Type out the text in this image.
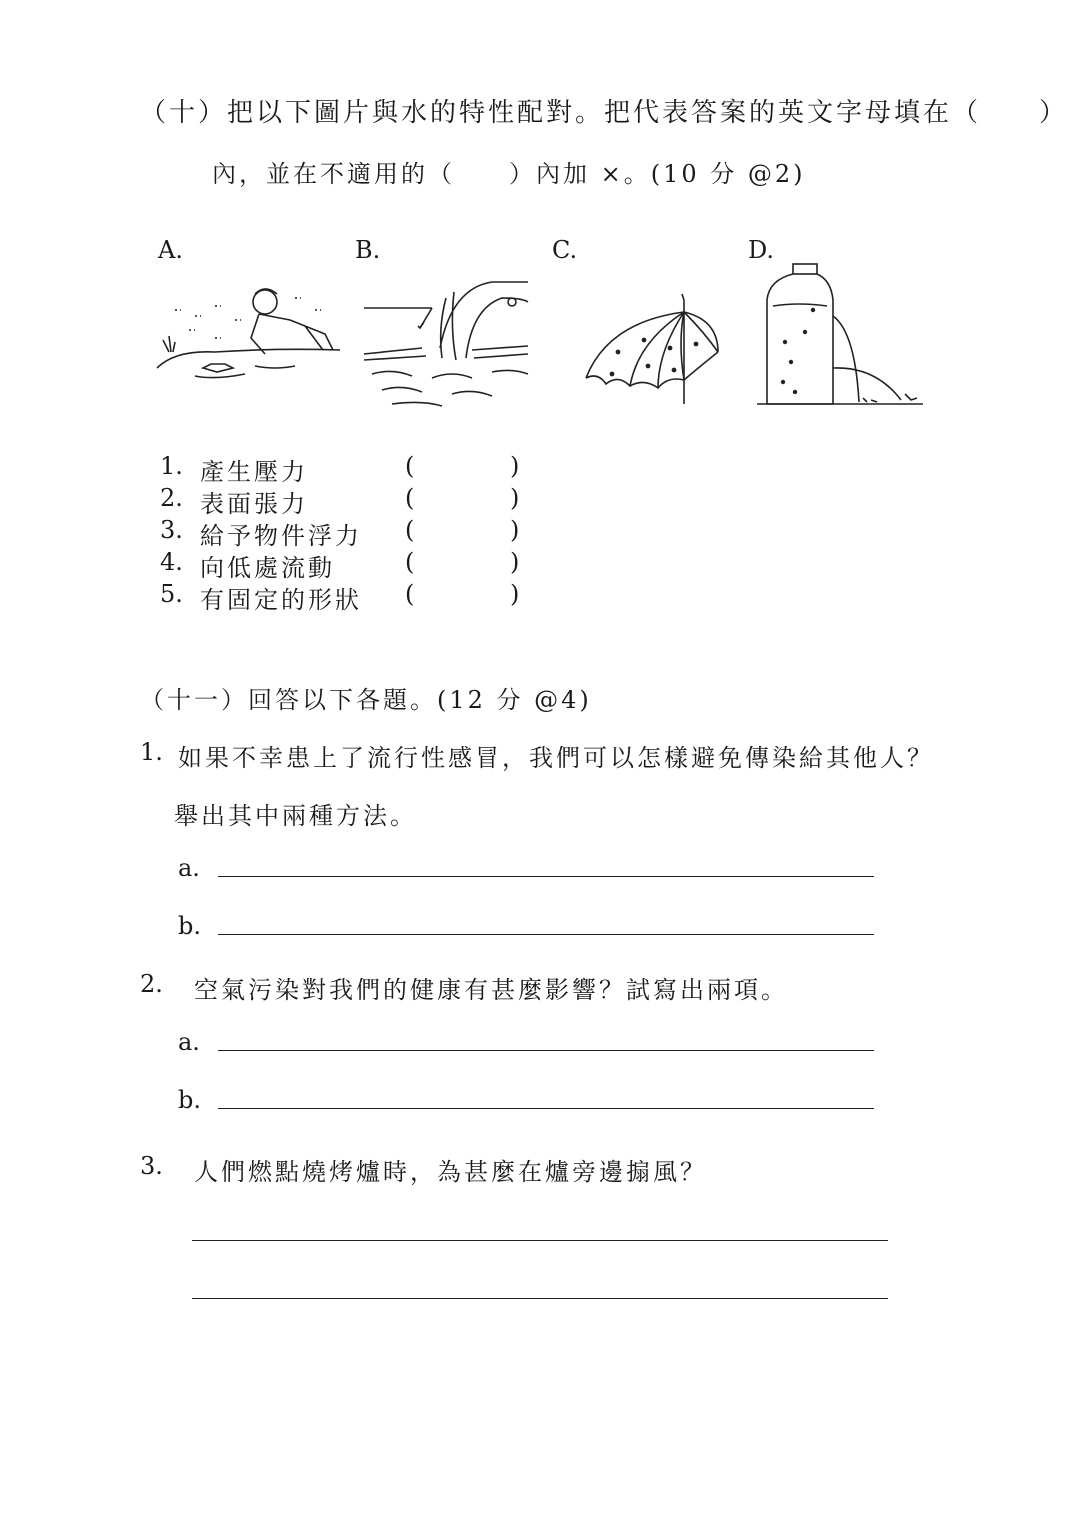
（十）把以下圖片與水的特性配對。把代表答案的英文字母填在（　　）
內，並在不適用的（　　）內加 ×。(10 分 @2)
A.	B.	C.	D.
1. 產生壓力	(	)
2. 表面張力	(	)
3. 給予物件浮力 (	)
4. 向低處流動	(	)
5. 有固定的形狀 (	)
（十一）回答以下各題。(12 分 @4)
1. 如果不幸患上了流行性感冒，我們可以怎樣避免傳染給其他人？
舉出其中兩種方法。
a.
b.
2. 空氣污染對我們的健康有甚麼影響？試寫出兩項。
a.
b.
3. 人們燃點燒烤爐時，為甚麼在爐旁邊搧風？
